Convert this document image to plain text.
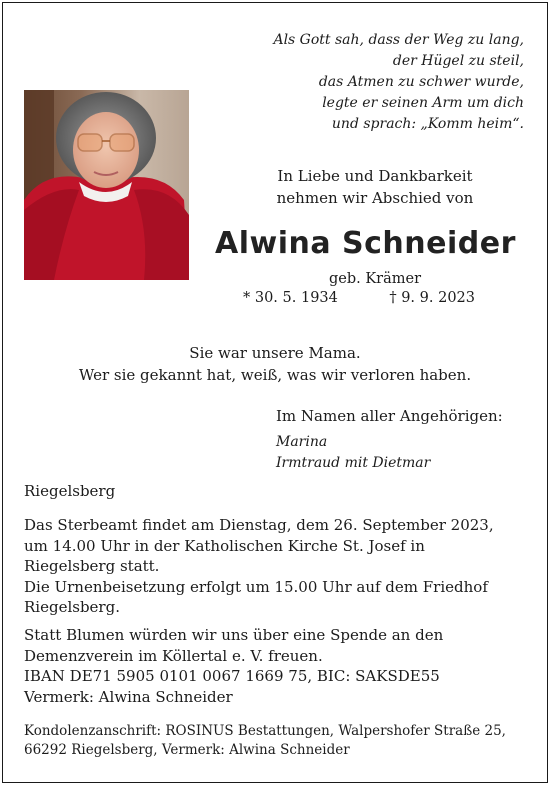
Als Gott sah, dass der Weg zu lang,
der Hügel zu steil,
das Atmen zu schwer wurde,
legte er seinen Arm um dich
und sprach: „Komm heim“.
In Liebe und Dankbarkeit
nehmen wir Abschied von
Alwina Schneider
geb. Krämer
* 30. 5. 1934	† 9. 9. 2023
Sie war unsere Mama.
Wer sie gekannt hat, weiß, was wir verloren haben.
Im Namen aller Angehörigen:
Marina
Irmtraud mit Dietmar
Riegelsberg
Das Sterbeamt findet am Dienstag, dem 26. September 2023,
um 14.00 Uhr in der Katholischen Kirche St. Josef in
Riegelsberg statt.
Die Urnenbeisetzung erfolgt um 15.00 Uhr auf dem Friedhof
Riegelsberg.
Statt Blumen würden wir uns über eine Spende an den
Demenzverein im Köllertal e. V. freuen.
IBAN DE71 5905 0101 0067 1669 75, BIC: SAKSDE55
Vermerk: Alwina Schneider
Kondolenzanschrift: ROSINUS Bestattungen, Walpershofer Straße 25,
66292 Riegelsberg, Vermerk: Alwina Schneider
